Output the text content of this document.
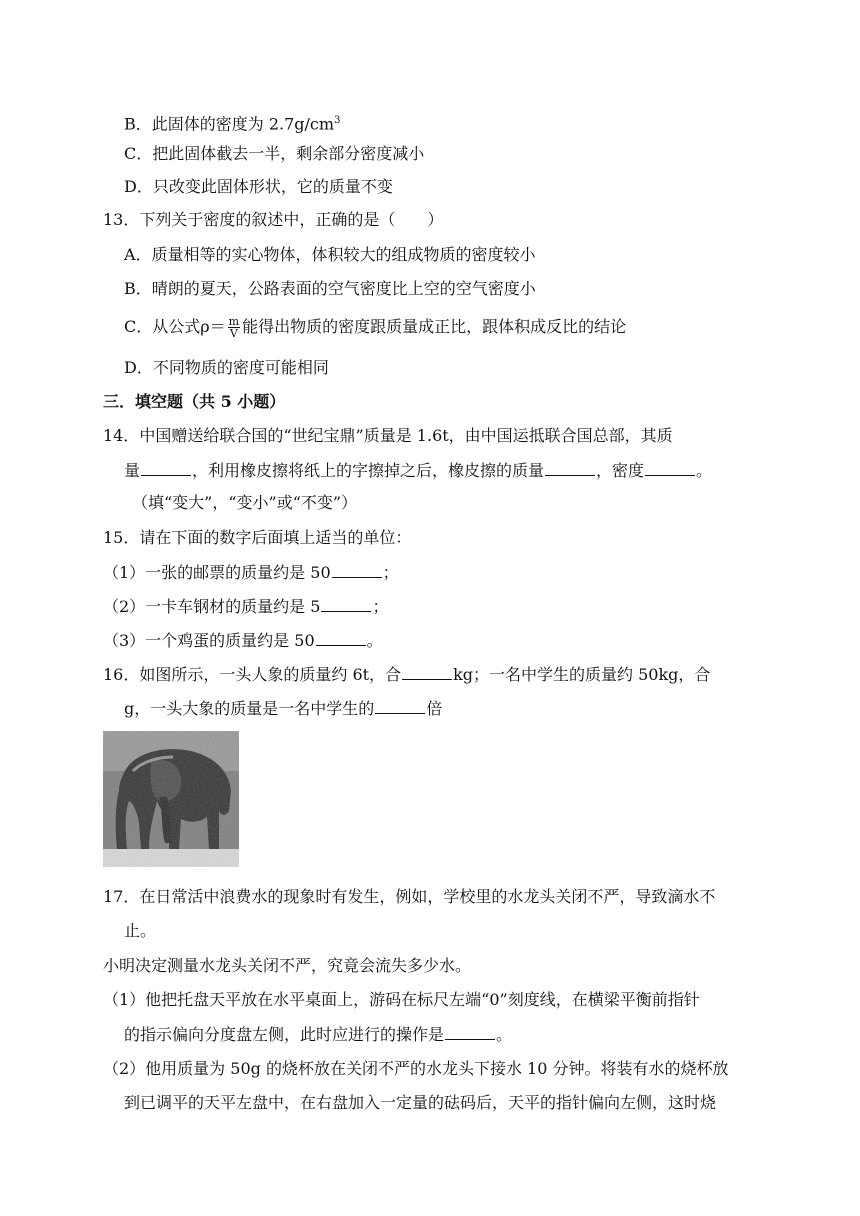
B．此固体的密度为 $2.7g/cm^3$
C．把此固体截去一半，剩余部分密度减小
D．只改变此固体形状，它的质量不变
13．下列关于密度的叙述中，正确的是（　　）
A．质量相等的实心物体，体积较大的组成物质的密度较小
B．晴朗的夏天，公路表面的空气密度比上空的空气密度小
C．从公式$\rho= \frac{m}{V}$ 能得出物质的密度跟质量成正比，跟体积成反比的结论
D．不同物质的密度可能相同
三．填空题（共 5 小题）
14．中国赠送给联合国的“世纪宝鼎”质量是 1.6t，由中国运抵联合国总部，其质
量	，利用橡皮擦将纸上的字擦掉之后，橡皮擦的质量	，密度	。
（填“变大”，“变小”或“不变”）
15．请在下面的数字后面填上适当的单位：
（1）一张的邮票的质量约是 50	；
（2）一卡车钢材的质量约是 5	；
（3）一个鸡蛋的质量约是 50	。
16．如图所示，一头人象的质量约 6t，合	kg；一名中学生的质量约 50kg，合
g，一头大象的质量是一名中学生的	倍
17．在日常活中浪费水的现象时有发生，例如，学校里的水龙头关闭不严，导致滴水不
止。
小明决定测量水龙头关闭不严，究竟会流失多少水。
（1）他把托盘天平放在水平桌面上，游码在标尺左端“0”刻度线，在横梁平衡前指针
的指示偏向分度盘左侧，此时应进行的操作是	。
（2）他用质量为 50g 的烧杯放在关闭不严的水龙头下接水 10 分钟。将装有水的烧杯放
到已调平的天平左盘中，在右盘加入一定量的砝码后，天平的指针偏向左侧，这时烧
